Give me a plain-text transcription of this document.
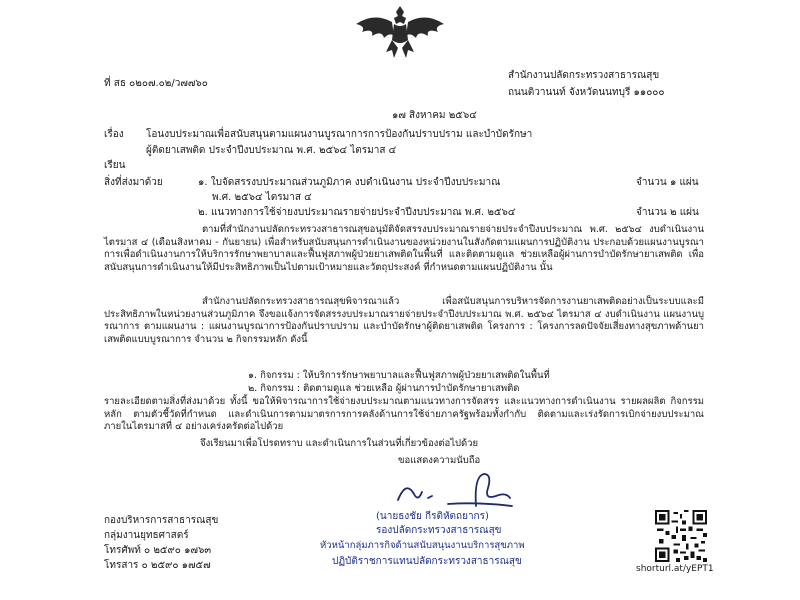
ที่ สธ ๐๒๐๗.๐๒/ว๗๗๖๐
สำนักงานปลัดกระทรวงสาธารณสุข
ถนนติวานนท์ จังหวัดนนทบุรี ๑๑๐๐๐
๑๗ สิงหาคม ๒๕๖๔
เรื่อง โอนงบประมาณเพื่อสนับสนุนตามแผนงานบูรณาการการป้องกันปราบปราม และบำบัดรักษา
ผู้ติดยาเสพติด ประจำปีงบประมาณ พ.ศ. ๒๕๖๔ ไตรมาส ๔
เรียน
สิ่งที่ส่งมาด้วย	๑. ใบจัดสรรงบประมาณส่วนภูมิภาค งบดำเนินงาน ประจำปีงบประมาณ	จำนวน ๑ แผ่น
พ.ศ. ๒๕๖๔ ไตรมาส ๔
๒. แนวทางการใช้จ่ายงบประมาณรายจ่ายประจำปีงบประมาณ พ.ศ. ๒๕๖๔	จำนวน ๒ แผ่น
ตามที่สำนักงานปลัดกระทรวงสาธารณสุขอนุมัติจัดสรรงบประมาณรายจ่ายประจำปีงบประมาณ พ.ศ. ๒๕๖๔ งบดำเนินงาน ไตรมาส ๔ (เดือนสิงหาคม - กันยายน) เพื่อสำหรับสนับสนุนการดำเนินงานของหน่วยงานในสังกัดตามแผนการปฏิบัติงาน ประกอบด้วยแผนงานบูรณาการเพื่อดำเนินงานการให้บริการรักษาพยาบาลและฟื้นฟูสภาพผู้ป่วยยาเสพติดในพื้นที่ และติดตามดูแล ช่วยเหลือผู้ผ่านการบำบัดรักษายาเสพติด เพื่อสนับสนุนการดำเนินงานให้มีประสิทธิภาพเป็นไปตามเป้าหมายและวัตถุประสงค์ ที่กำหนดตามแผนปฏิบัติงาน นั้น
สำนักงานปลัดกระทรวงสาธารณสุขพิจารณาแล้ว เพื่อสนับสนุนการบริหารจัดการงานยาเสพติดอย่างเป็นระบบและมีประสิทธิภาพในหน่วยงานส่วนภูมิภาค จึงขอแจ้งการจัดสรรงบประมาณรายจ่ายประจำปีงบประมาณ พ.ศ. ๒๕๖๔ ไตรมาส ๔ งบดำเนินงาน แผนงานบูรณาการ ตามแผนงาน : แผนงานบูรณาการป้องกันปราบปราม และบำบัดรักษาผู้ติดยาเสพติด โครงการ : โครงการลดปัจจัยเสี่ยงทางสุขภาพด้านยาเสพติดแบบบูรณาการ จำนวน ๒ กิจกรรมหลัก ดังนี้
๑. กิจกรรม : ให้บริการรักษาพยาบาลและฟื้นฟูสภาพผู้ป่วยยาเสพติดในพื้นที่
๒. กิจกรรม : ติดตามดูแล ช่วยเหลือ ผู้ผ่านการบำบัดรักษายาเสพติด
รายละเอียดตามสิ่งที่ส่งมาด้วย ทั้งนี้ ขอให้พิจารณาการใช้จ่ายงบประมาณตามแนวทางการจัดสรร และแนวทางการดำเนินงาน รายผลผลิต กิจกรรมหลัก ตามตัวชี้วัดที่กำหนด และดำเนินการตามมาตรการการคลังด้านการใช้จ่ายภาครัฐพร้อมทั้งกำกับ ติดตามและเร่งรัดการเบิกจ่ายงบประมาณภายในไตรมาสที่ ๔ อย่างเคร่งครัดต่อไปด้วย
จึงเรียนมาเพื่อโปรดทราบ และดำเนินการในส่วนที่เกี่ยวข้องต่อไปด้วย
ขอแสดงความนับถือ
(นายธงชัย กีรติหัตถยากร)
รองปลัดกระทรวงสาธารณสุข
หัวหน้ากลุ่มภารกิจด้านสนับสนุนงานบริการสุขภาพ
ปฏิบัติราชการแทนปลัดกระทรวงสาธารณสุข
กองบริหารการสาธารณสุข
กลุ่มงานยุทธศาสตร์
โทรศัพท์ ๐ ๒๕๙๐ ๑๗๖๓
โทรสาร ๐ ๒๕๙๐ ๑๗๕๗	shorturl.at/yEPT1
